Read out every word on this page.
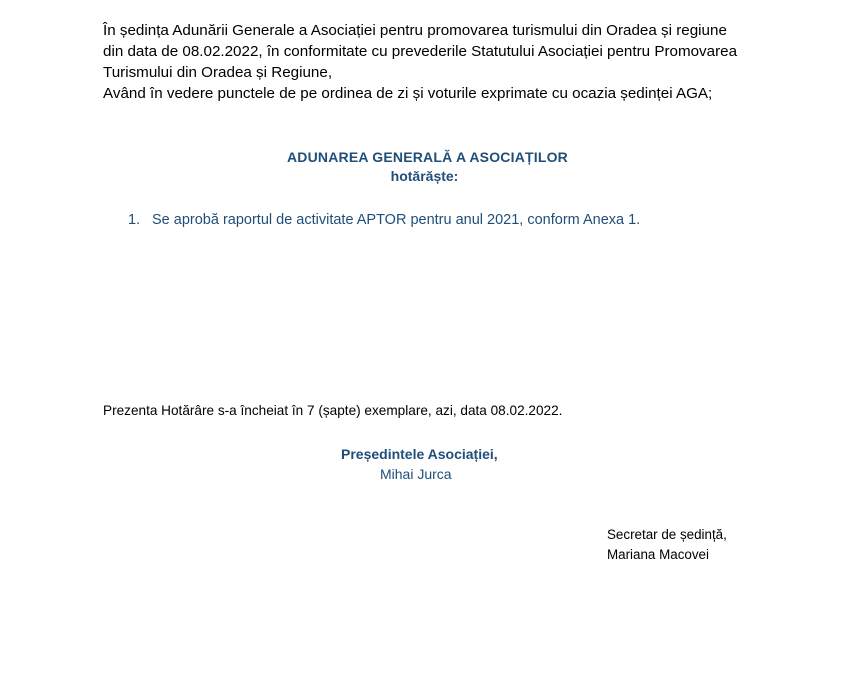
În ședința Adunării Generale a Asociației pentru promovarea turismului din Oradea și regiune

din data de 08.02.2022, în conformitate cu prevederile Statutului Asociației pentru Promovarea

Turismului din Oradea și Regiune,

Având în vedere punctele de pe ordinea de zi și voturile exprimate cu ocazia ședinței AGA;

ADUNAREA GENERALĂ A ASOCIAȚILOR
hotărăște:
1. Se aprobă raportul de activitate APTOR pentru anul 2021, conform Anexa 1.
Prezenta Hotărâre s-a încheiat în 7 (șapte) exemplare, azi, data 08.02.2022.
Președintele Asociației,
Mihai Jurca
Secretar de ședință,
Mariana Macovei
